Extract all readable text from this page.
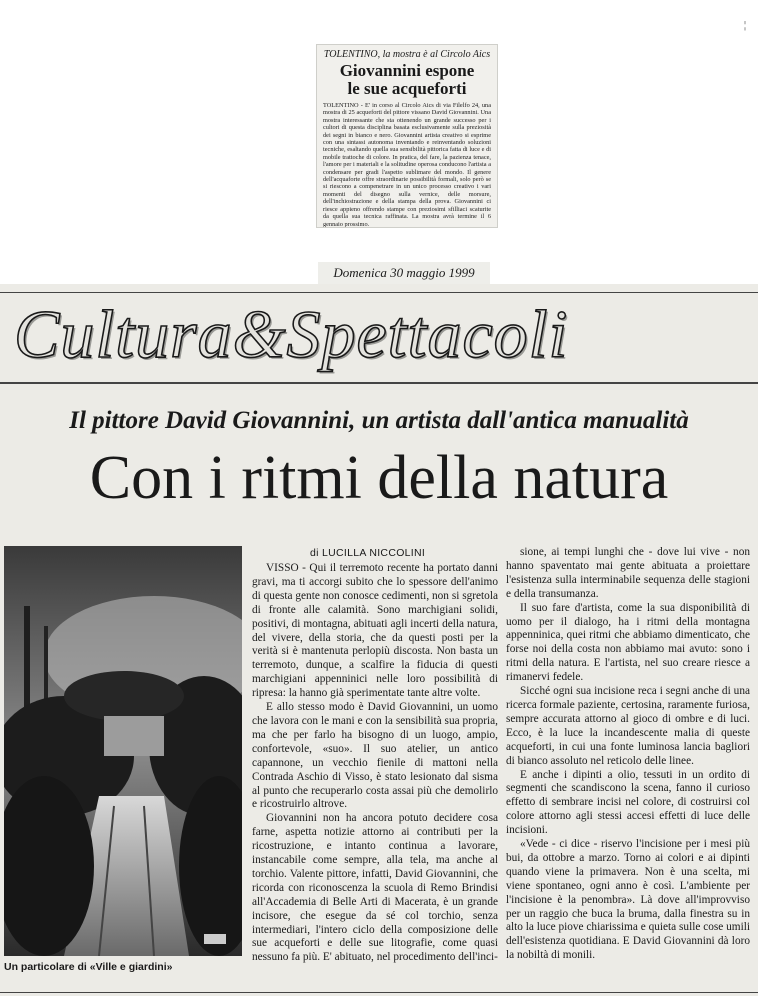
¦
TOLENTINO, la mostra è al Circolo Aics
Giovannini espone
le sue acqueforti
TOLENTINO - E' in corso al Circolo Aics di via Filelfo 24, una mostra di 25 acqueforti del pittore vissano David Giovannini. Una mostra interessante che sta ottenendo un grande successo per i cultori di questa disciplina basata esclusivamente sulla preziosità dei segni in bianco e nero. Giovannini artista creativo si esprime con una sintassi autonoma inventando e reinventando soluzioni tecniche, esaltando quella sua sensibilità pittorica fatta di luce e di mobile trattoche di colore. In pratica, del fare, la pazienza tenace, l'amore per i materiali e la solitudine operosa conducono l'artista a condensare per gradi l'aspetto sublimare del mondo. Il genere dell'acquaforte offre straordinarie possibilità formali, solo però se si riescono a compenetrare in un unico processo creativo i vari momenti del disegno sulla vernice, delle morsure, dell'inchiostrazione e della stampa della prova. Giovannini ci riesce appieno offrendo stampe con preziosimi sfilliaci scaturite da quella sua tecnica raffinata. La mostra avrà termine il 6 gennaio prossimo.
Domenica 30 maggio 1999
Cultura&Spettacoli
Il pittore David Giovannini, un artista dall'antica manualità
Con i ritmi della natura
Un particolare di «Ville e giardini»
di LUCILLA NICCOLINI

VISSO - Qui il terremoto recente ha portato danni gravi, ma ti accorgi subito che lo spessore dell'animo di questa gente non conosce cedimenti, non si sgretola di fronte alle calamità. Sono marchigiani solidi, positivi, di montagna, abituati agli incerti della natura, del vivere, della storia, che da questi posti per la verità si è mantenuta perlopiù discosta. Non basta un terremoto, dunque, a scalfire la fiducia di questi marchigiani appenninici nelle loro possibilità di ripresa: la hanno già sperimentate tante altre volte.

E allo stesso modo è David Giovannini, un uomo che lavora con le mani e con la sensibilità sua propria, ma che per farlo ha bisogno di un luogo, ampio, confortevole, «suo». Il suo atelier, un antico capannone, un vecchio fienile di mattoni nella Contrada Aschio di Visso, è stato lesionato dal sisma al punto che recuperarlo costa assai più che demolirlo e ricostruirlo altrove.

Giovannini non ha ancora potuto decidere cosa farne, aspetta notizie attorno ai contributi per la ricostruzione, e intanto continua a lavorare, instancabile come sempre, alla tela, ma anche al torchio. Valente pittore, infatti, David Giovannini, che ricorda con riconoscenza la scuola di Remo Brindisi all'Accademia di Belle Arti di Macerata, è un grande incisore, che esegue da sé col torchio, senza intermediari, l'intero ciclo della composizione delle sue acqueforti e delle sue litografie, come quasi nessuno fa più. E' abituato, nel procedimento dell'inci-

sione, ai tempi lunghi che - dove lui vive - non hanno spaventato mai gente abituata a proiettare l'esistenza sulla interminabile sequenza delle stagioni e della transumanza.

Il suo fare d'artista, come la sua disponibilità di uomo per il dialogo, ha i ritmi della montagna appenninica, quei ritmi che abbiamo dimenticato, che forse noi della costa non abbiamo mai avuto: sono i ritmi della natura. E l'artista, nel suo creare riesce a rimanervi fedele.

Sicché ogni sua incisione reca i segni anche di una ricerca formale paziente, certosina, raramente furiosa, sempre accurata attorno al gioco di ombre e di luci. Ecco, è la luce la incandescente malia di queste acqueforti, in cui una fonte luminosa lancia bagliori di bianco assoluto nel reticolo delle linee.

E anche i dipinti a olio, tessuti in un ordito di segmenti che scandiscono la scena, fanno il curioso effetto di sembrare incisi nel colore, di costruirsi col colore attorno agli stessi accesi effetti di luce delle incisioni.

«Vede - ci dice - riservo l'incisione per i mesi più bui, da ottobre a marzo. Torno ai colori e ai dipinti quando viene la primavera. Non è una scelta, mi viene spontaneo, ogni anno è così. L'ambiente per l'incisione è la penombra». Là dove all'improvviso per un raggio che buca la bruma, dalla finestra su in alto la luce piove chiarissima e quieta sulle cose umili dell'esistenza quotidiana. E David Giovannini dà loro la nobiltà di monili.
